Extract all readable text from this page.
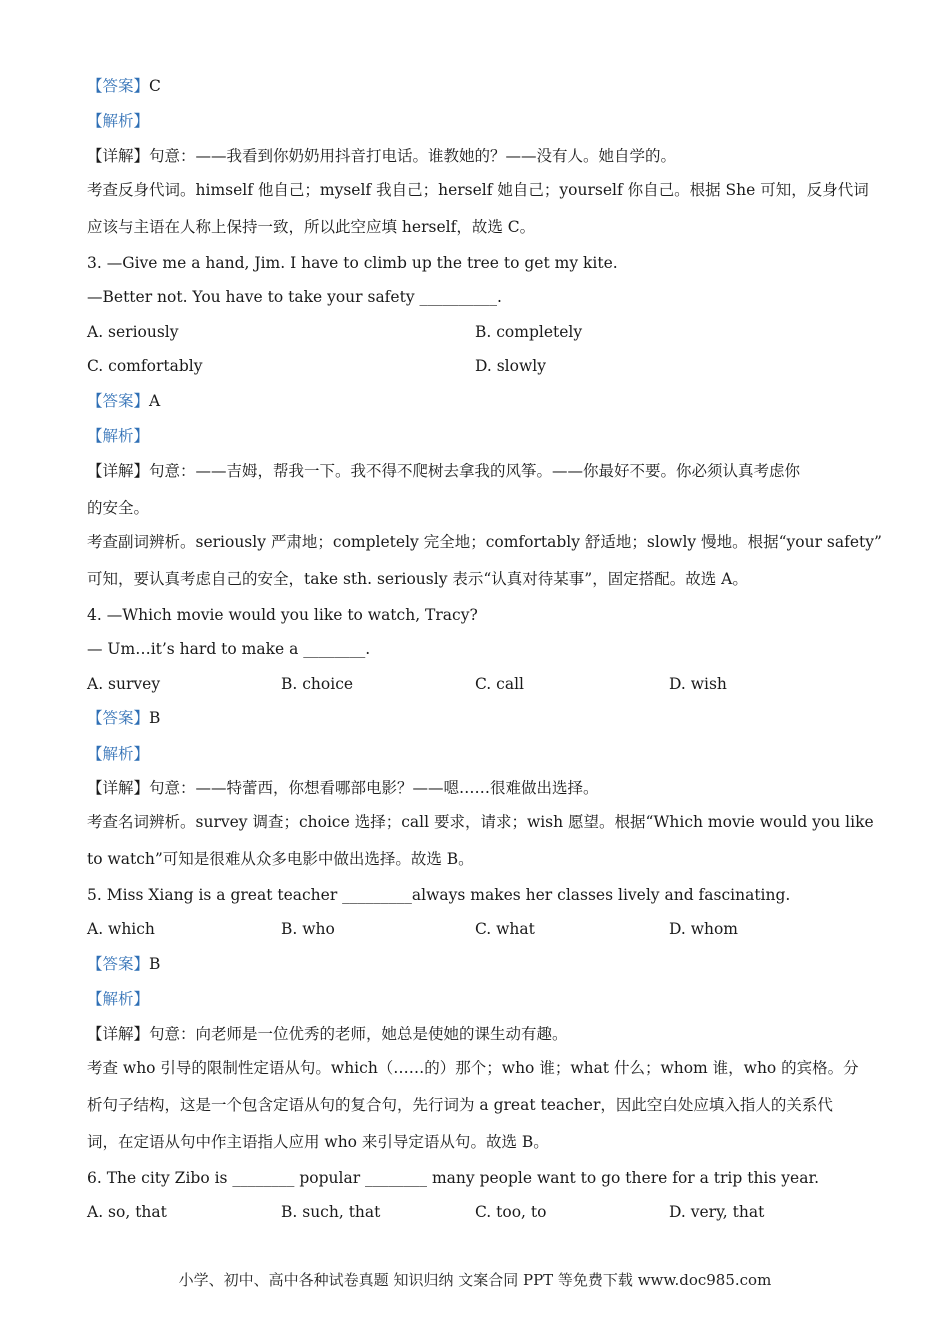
【答案】C
【解析】
【详解】句意：——我看到你奶奶用抖音打电话。谁教她的？——没有人。她自学的。
考查反身代词。himself 他自己；myself 我自己；herself 她自己；yourself 你自己。根据 She 可知，反身代词
应该与主语在人称上保持一致，所以此空应填 herself，故选 C。
3. —Give me a hand, Jim. I have to climb up the tree to get my kite.
—Better not. You have to take your safety __________.
A. seriously	B. completely
C. comfortably	D. slowly
【答案】A
【解析】
【详解】句意：——吉姆，帮我一下。我不得不爬树去拿我的风筝。——你最好不要。你必须认真考虑你
的安全。
考查副词辨析。seriously 严肃地；completely 完全地；comfortably 舒适地；slowly 慢地。根据“your safety”
可知，要认真考虑自己的安全，take sth. seriously 表示“认真对待某事”，固定搭配。故选 A。
4. —Which movie would you like to watch, Tracy?
— Um…it’s hard to make a ________.
A. survey	B. choice	C. call	D. wish
【答案】B
【解析】
【详解】句意：——特蕾西，你想看哪部电影？——嗯……很难做出选择。
考查名词辨析。survey 调查；choice 选择；call 要求，请求；wish 愿望。根据“Which movie would you like
to watch”可知是很难从众多电影中做出选择。故选 B。
5. Miss Xiang is a great teacher _________always makes her classes lively and fascinating.
A. which	B. who	C. what	D. whom
【答案】B
【解析】
【详解】句意：向老师是一位优秀的老师，她总是使她的课生动有趣。
考查 who 引导的限制性定语从句。which（……的）那个；who 谁；what 什么；whom 谁，who 的宾格。分
析句子结构，这是一个包含定语从句的复合句，先行词为 a great teacher，因此空白处应填入指人的关系代
词，在定语从句中作主语指人应用 who 来引导定语从句。故选 B。
6. The city Zibo is ________ popular ________ many people want to go there for a trip this year.
A. so, that	B. such, that	C. too, to	D. very, that
小学、初中、高中各种试卷真题 知识归纳 文案合同 PPT 等免费下载 www.doc985.com
